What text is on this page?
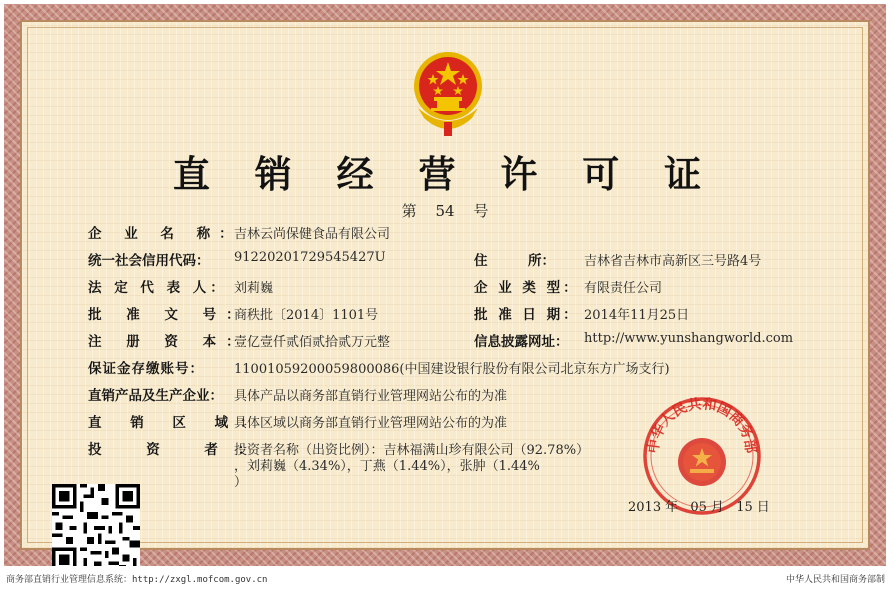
直 销 经 营 许 可 证
第 54 号
企 业 名 称：
吉林云尚保健食品有限公司
统一社会信用代码： 91220201729545427U	住　　　所： 吉林省吉林市高新区三号路4号
法 定 代 表 人： 刘莉巍	企 业 类 型： 有限责任公司
批 准 文 号：
商秩批〔2014〕1101号	批 准 日 期： 2014年11月25日
注 册 资 本：
壹亿壹仟贰佰贰拾贰万元整	信息披露网址： http://www.yunshangworld.com
保证金存缴账号： 11001059200059800086(中国建设银行股份有限公司北京东方广场支行)
直销产品及生产企业： 具体产品以商务部直销行业管理网站公布的为准
直 销 区 域：
具体区域以商务部直销行业管理网站公布的为准
投 资 者：
投资者名称（出资比例）：吉林福满山珍有限公司（92.78%）
，刘莉巍（4.34%），丁燕（1.44%），张肿（1.44%
）
中华人民共和国商务部
2013 年 05 月 15 日
商务部直销行业管理信息系统：http://zxgl.mofcom.gov.cn	中华人民共和国商务部制
